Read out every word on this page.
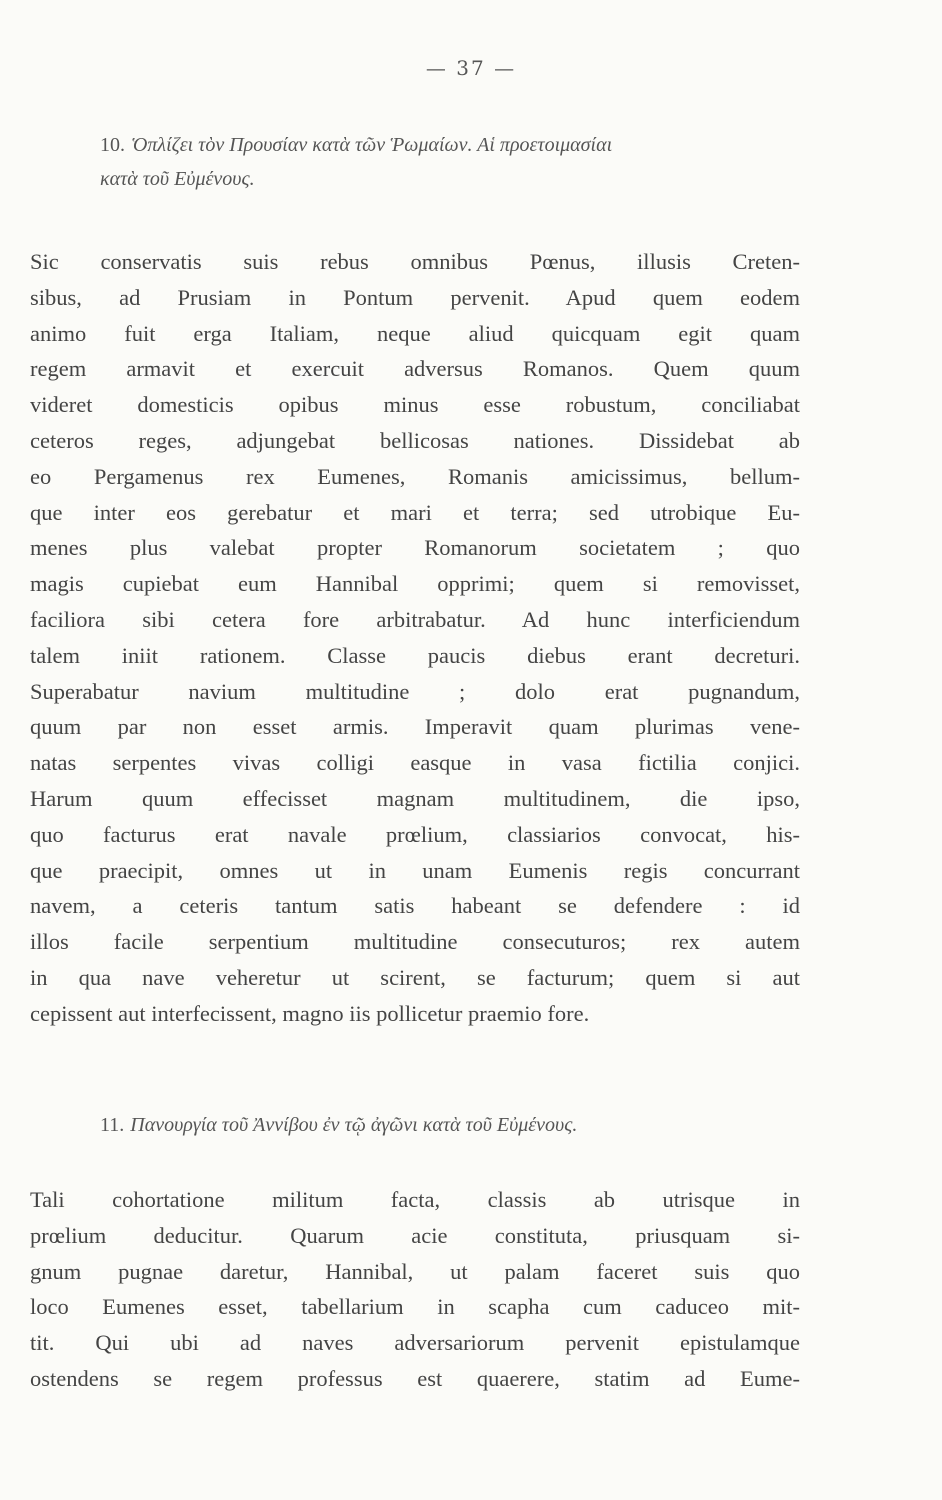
— 37 —
10. Ὁπλίζει τὸν Προυσίαν κατὰ τῶν Ῥωμαίων. Αἱ προετοιμασίαι
κατὰ τοῦ Εὐμένους.
Sic conservatis suis rebus omnibus Pœnus, illusis Creten-
sibus, ad Prusiam in Pontum pervenit. Apud quem eodem
animo fuit erga Italiam, neque aliud quicquam egit quam
regem armavit et exercuit adversus Romanos. Quem quum
videret domesticis opibus minus esse robustum, conciliabat
ceteros reges, adjungebat bellicosas nationes. Dissidebat ab
eo Pergamenus rex Eumenes, Romanis amicissimus, bellum-
que inter eos gerebatur et mari et terra; sed utrobique Eu-
menes plus valebat propter Romanorum societatem ; quo
magis cupiebat eum Hannibal opprimi; quem si removisset,
faciliora sibi cetera fore arbitrabatur. Ad hunc interficiendum
talem iniit rationem. Classe paucis diebus erant decreturi.
Superabatur navium multitudine ; dolo erat pugnandum,
quum par non esset armis. Imperavit quam plurimas vene-
natas serpentes vivas colligi easque in vasa fictilia conjici.
Harum quum effecisset magnam multitudinem, die ipso,
quo facturus erat navale prœlium, classiarios convocat, his-
que praecipit, omnes ut in unam Eumenis regis concurrant
navem, a ceteris tantum satis habeant se defendere : id
illos facile serpentium multitudine consecuturos; rex autem
in qua nave veheretur ut scirent, se facturum; quem si aut
cepissent aut interfecissent, magno iis pollicetur praemio fore.
11. Πανουργία τοῦ Ἀννίβου ἐν τῷ ἀγῶνι κατὰ τοῦ Εὐμένους.
Tali cohortatione militum facta, classis ab utrisque in
prœlium deducitur. Quarum acie constituta, priusquam si-
gnum pugnae daretur, Hannibal, ut palam faceret suis quo
loco Eumenes esset, tabellarium in scapha cum caduceo mit-
tit. Qui ubi ad naves adversariorum pervenit epistulamque
ostendens se regem professus est quaerere, statim ad Eume-
